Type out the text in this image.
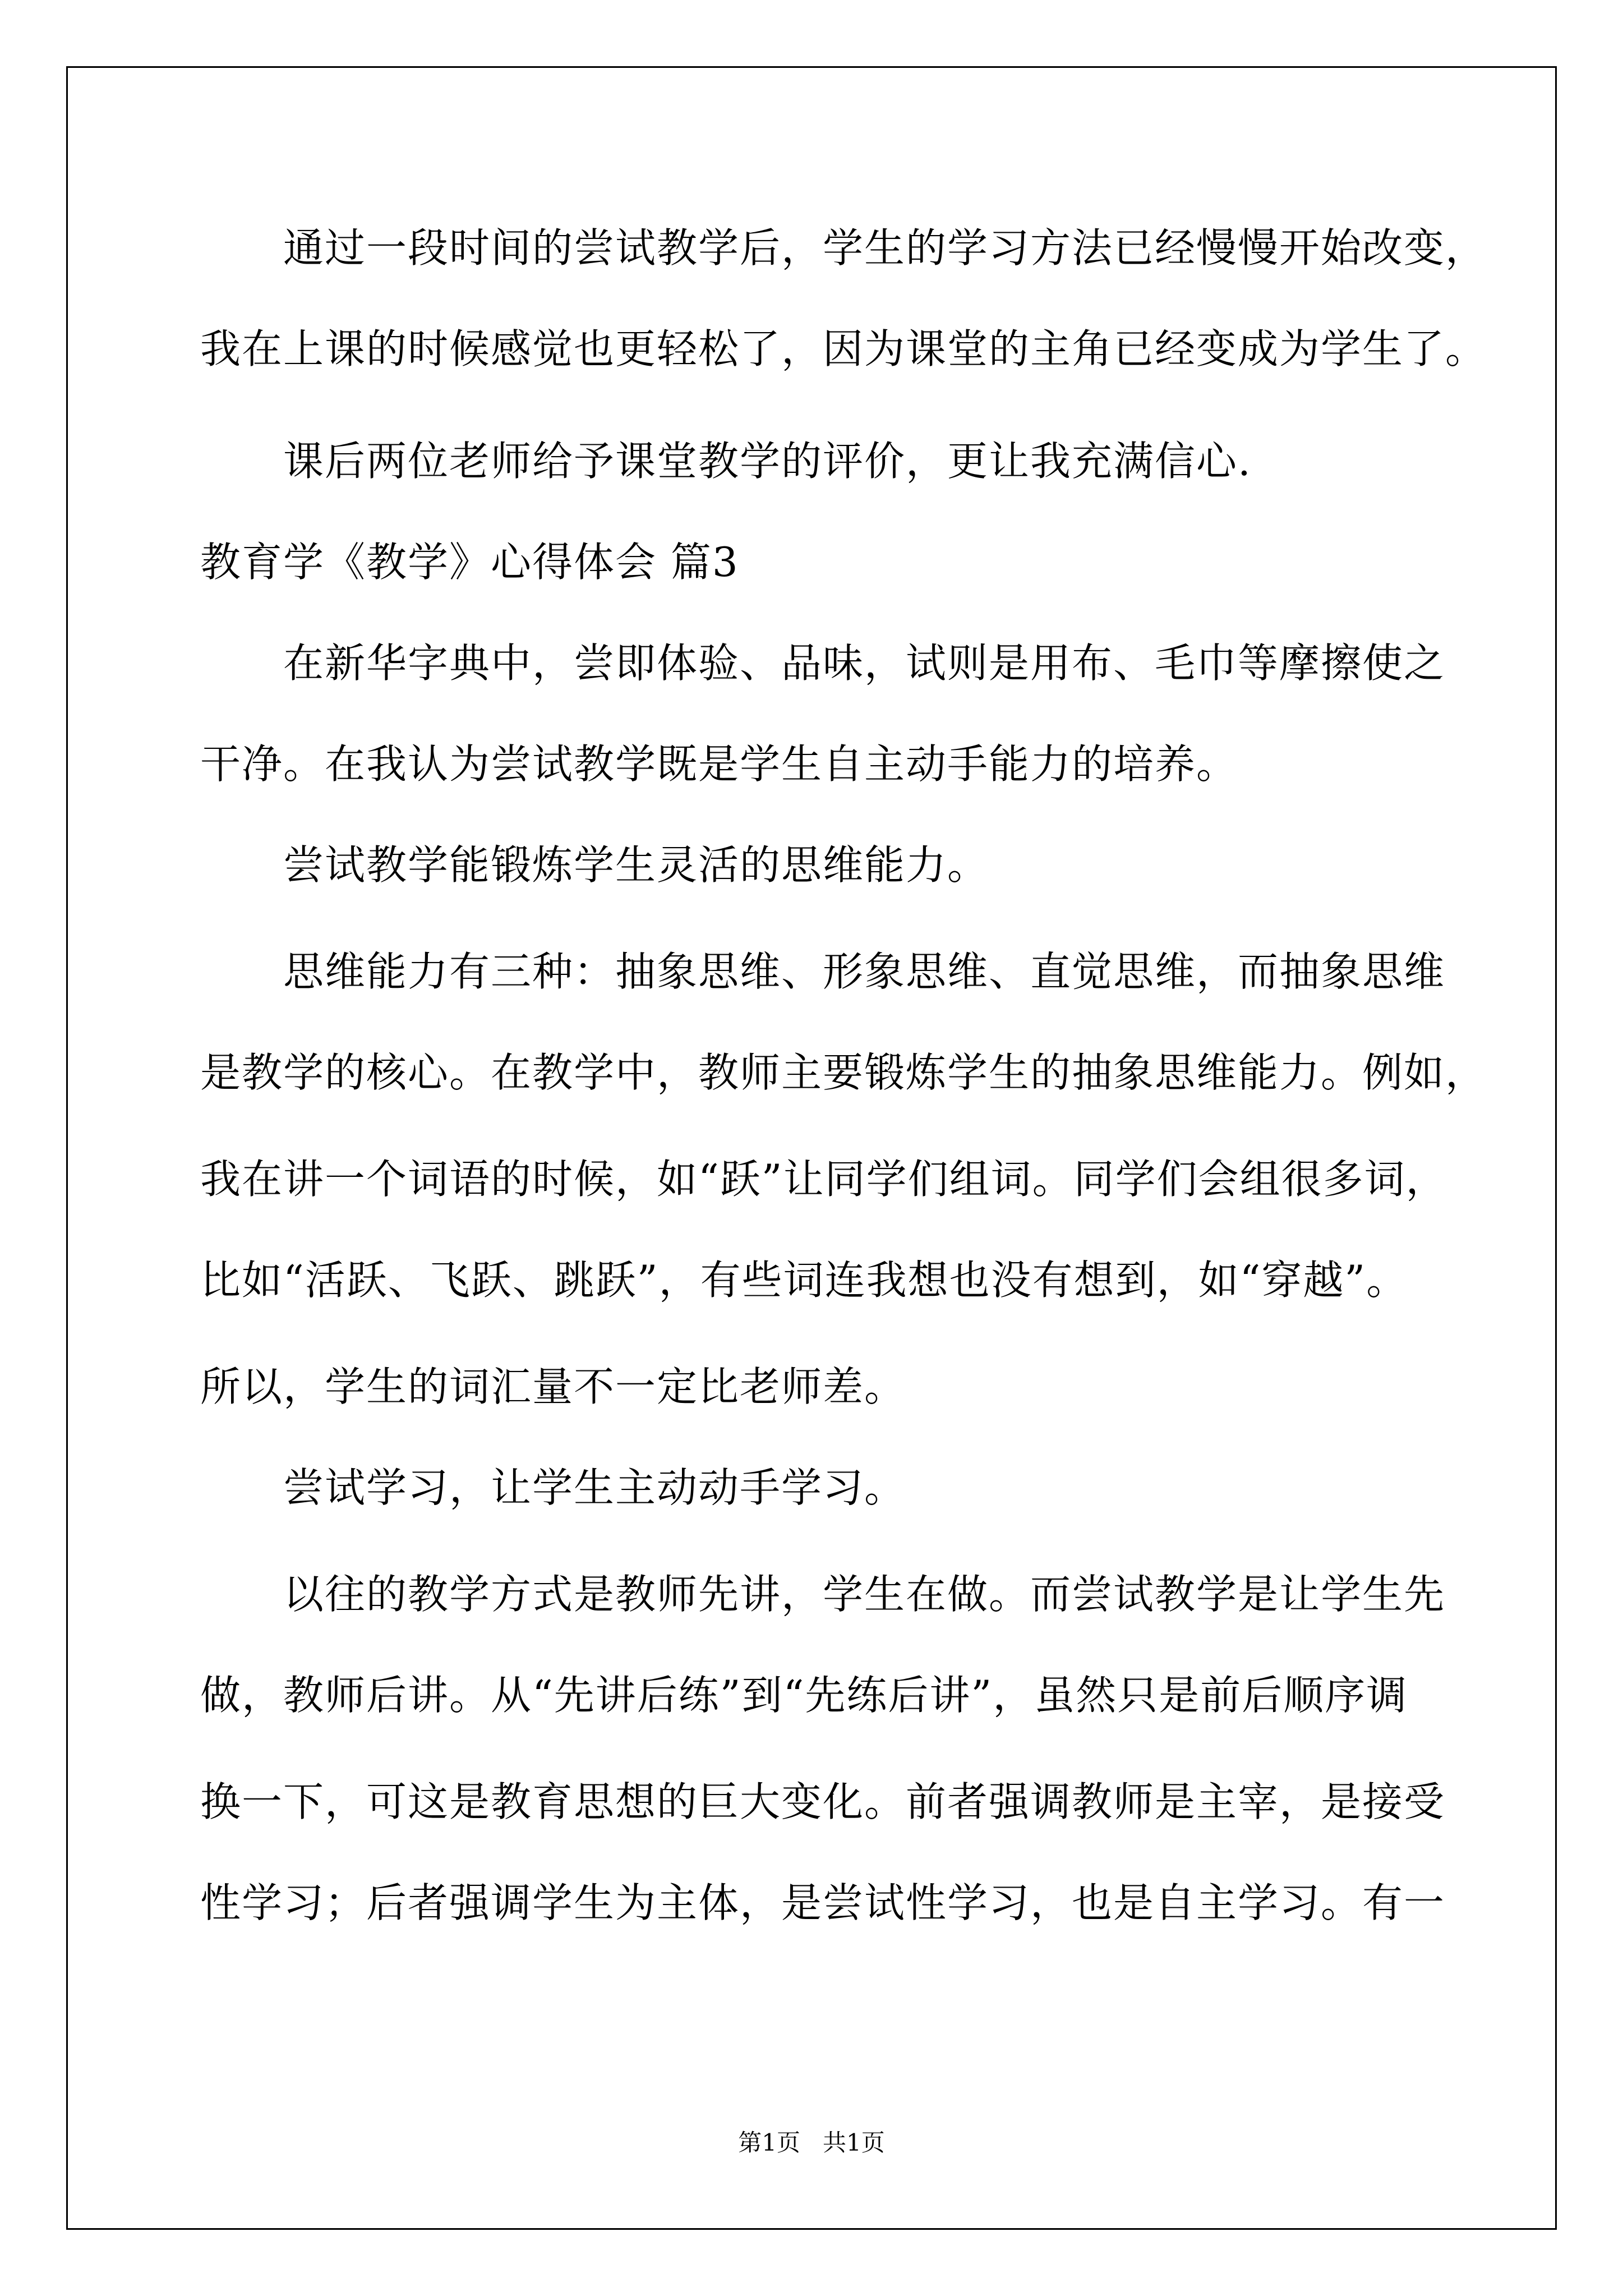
通过一段时间的尝试教学后，学生的学习方法已经慢慢开始改变，
我在上课的时候感觉也更轻松了，因为课堂的主角已经变成为学生了。
课后两位老师给予课堂教学的评价，更让我充满信心.
教育学《教学》心得体会 篇3
在新华字典中，尝即体验、品味，试则是用布、毛巾等摩擦使之
干净。在我认为尝试教学既是学生自主动手能力的培养。
尝试教学能锻炼学生灵活的思维能力。
思维能力有三种：抽象思维、形象思维、直觉思维，而抽象思维
是教学的核心。在教学中，教师主要锻炼学生的抽象思维能力。例如，
我在讲一个词语的时候，如“跃”让同学们组词。同学们会组很多词，
比如“活跃、飞跃、跳跃”，有些词连我想也没有想到，如“穿越”。
所以，学生的词汇量不一定比老师差。
尝试学习，让学生主动动手学习。
以往的教学方式是教师先讲，学生在做。而尝试教学是让学生先
做，教师后讲。从“先讲后练”到“先练后讲”，虽然只是前后顺序调
换一下，可这是教育思想的巨大变化。前者强调教师是主宰，是接受
性学习；后者强调学生为主体，是尝试性学习，也是自主学习。有一
第1页   共1页
